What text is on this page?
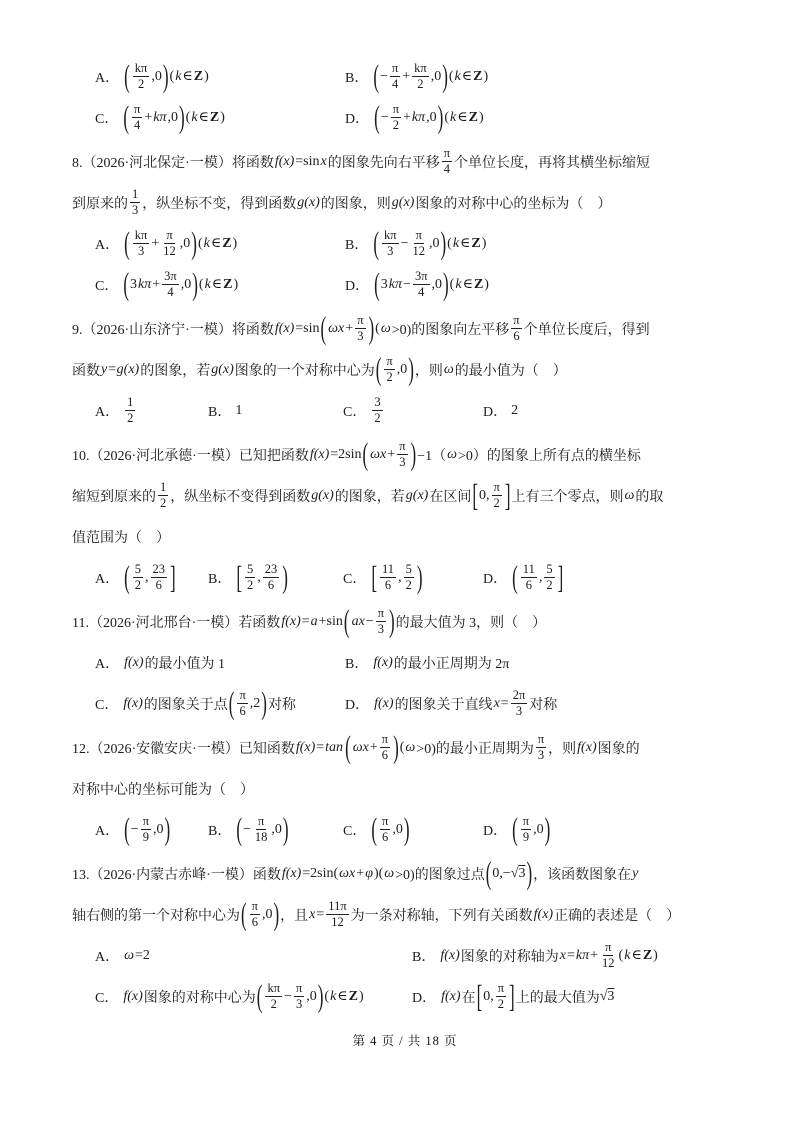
A． ( $\frac{k\pi}{2} ,0$ ) ( k ∈ Z )	B． ( − $\frac{\pi}{4} + \frac{k\pi}{2} ,0$ ) ( k ∈ Z )
C． ( $\frac{\pi}{4} + k\pi$ ,0 ) ( k ∈ Z )	D． ( − $\frac{\pi}{2} + k\pi$ ,0 ) ( k ∈ Z )
8.（2026·河北保定·一模）将函数 f(x) =sin x 的图象先向右平移 $\frac{\pi}{4}$ 个单位长度，再将其横坐标缩短
到原来的 $\frac{1}{3}$ ，纵坐标不变，得到函数 g(x) 的图象，则 g(x) 图象的对称中心的坐标为（　）
A． ( $\frac{k\pi}{3} + \frac{\pi}{12} ,0$ ) ( k ∈ Z )	B． ( $\frac{k\pi}{3} - \frac{\pi}{12} ,0$ ) ( k ∈ Z )
C． ( 3 $k\pi + \frac{3\pi}{4} ,0$ ) ( k ∈ Z )	D． ( 3 $k\pi - \frac{3\pi}{4} ,0$ ) ( k ∈ Z )
9.（2026·山东济宁·一模）将函数 f(x) =sin ( $\omega x + \frac{\pi}{3}$ ) ( ω >0)的图象向左平移 $\frac{\pi}{6}$ 个单位长度后，得到
函数 y=g(x) 的图象，若 g(x) 图象的一个对称中心为 ( $\frac{\pi}{2} ,0$ ) ，则 ω 的最小值为（　）
A． $\frac{1}{2}$	B． 1	C． $\frac{3}{2}$	D． 2
10.（2026·河北承德·一模）已知把函数 f(x) =2sin ( $\omega x + \frac{\pi}{3}$ ) −1（ ω >0）的图象上所有点的横坐标
缩短到原来的 $\frac{1}{2}$ ，纵坐标不变得到函数 g(x) 的图象，若 g(x) 在区间 [ 0, $\frac{\pi}{2}$ ] 上有三个零点，则 ω 的取
值范围为（　）
A． ( $\frac{5}{2}$ , $\frac{23}{6}$ ] B． [ $\frac{5}{2}$ , $\frac{23}{6}$ )	C． [ $\frac{11}{6}$ , $\frac{5}{2}$ )	D． ( $\frac{11}{6}$ , $\frac{5}{2}$ ]
11.（2026·河北邢台·一模）若函数 f(x) = a +sin ( ax − $\frac{\pi}{3}$ ) 的最大值为 3，则（　）
A． f(x) 的最小值为 1	B． f(x) 的最小正周期为 2π
C． f(x) 的图象关于点 ( $\frac{\pi}{6} ,2$ ) 对称	D． f(x) 的图象关于直线 $x = \frac{2\pi}{3}$ 对称
12.（2026·安徽安庆·一模）已知函数 f(x) = tan ( $\omega x + \frac{\pi}{6}$ ) ( ω >0)的最小正周期为 $\frac{\pi}{3}$ ，则 f(x) 图象的
对称中心的坐标可能为（　）
A． ( − $\frac{\pi}{9} ,0$ )	B． ( − $\frac{\pi}{18} ,0$ )	C． ( $\frac{\pi}{6} ,0$ )	D． ( $\frac{\pi}{9} ,0$ )
13.（2026·内蒙古赤峰·一模）函数 f(x) =2sin( ωx + φ )( ω >0)的图象过点 ( 0,− √3 ) ，该函数图象在 y
轴右侧的第一个对称中心为 ( $\frac{\pi}{6} ,0$ ) ，且 $x = \frac{11\pi}{12}$ 为一条对称轴，下列有关函数 f(x) 正确的表述是（　）
A． ω =2	B． f(x) 图象的对称轴为 $x = k\pi + \frac{\pi}{12}$ ( k ∈ Z )
C． f(x) 图象的对称中心为 ( $\frac{k\pi}{2} - \frac{\pi}{3} ,0$ ) ( k ∈ Z )	D． f(x) 在 [ 0, $\frac{\pi}{2}$ ] 上的最大值为 √3
第 4 页 / 共 18 页
